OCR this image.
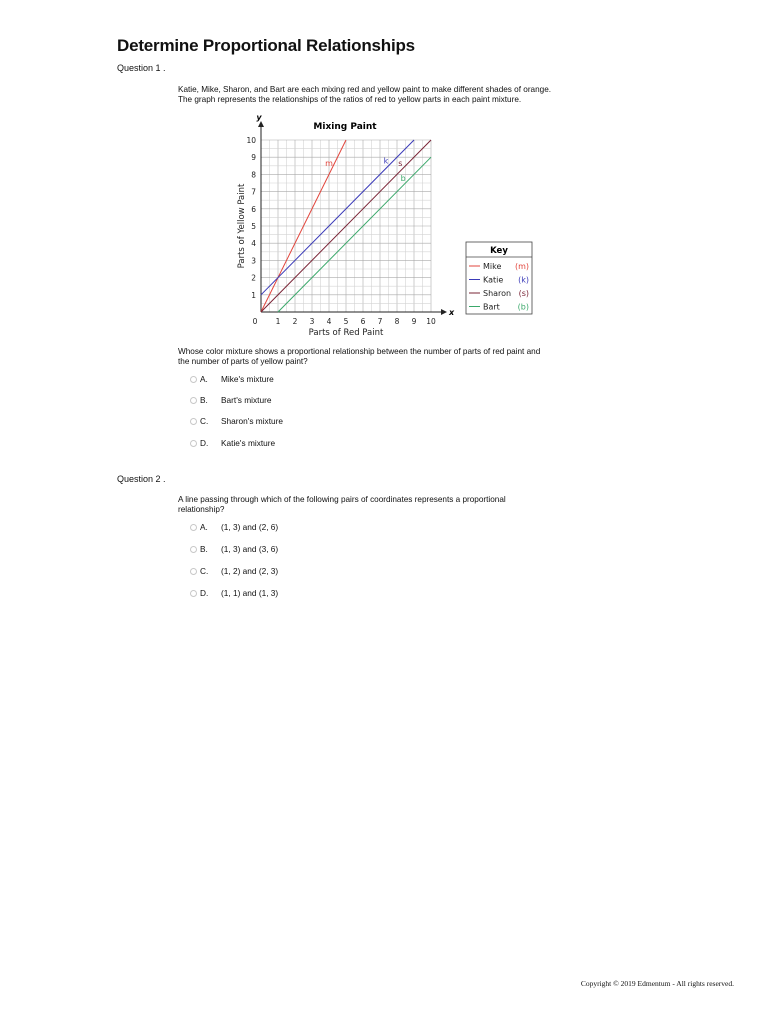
Determine Proportional Relationships
Question 1 .
Katie, Mike, Sharon, and Bart are each mixing red and yellow paint to make different shades of orange.
The graph represents the relationships of the ratios of red to yellow parts in each paint mixture.
x
y
0 1 2 3 4 5 6 7 8 9 10
1
2
3
4
5
6
7
8
9
10
Mixing Paint
Parts of Red Paint
Parts of Yellow Paint
m	k s
b
Key
Mike (m)
Katie (k)
Sharon (s)
Bart (b)
Whose color mixture shows a proportional relationship between the number of parts of red paint and
the number of parts of yellow paint?
A.	Mike's mixture
B.	Bart's mixture
C.	Sharon's mixture
D.	Katie's mixture
Question 2 .
A line passing through which of the following pairs of coordinates represents a proportional
relationship?
A.	(1, 3) and (2, 6)
B.	(1, 3) and (3, 6)
C.	(1, 2) and (2, 3)
D.	(1, 1) and (1, 3)
Copyright © 2019 Edmentum - All rights reserved.
